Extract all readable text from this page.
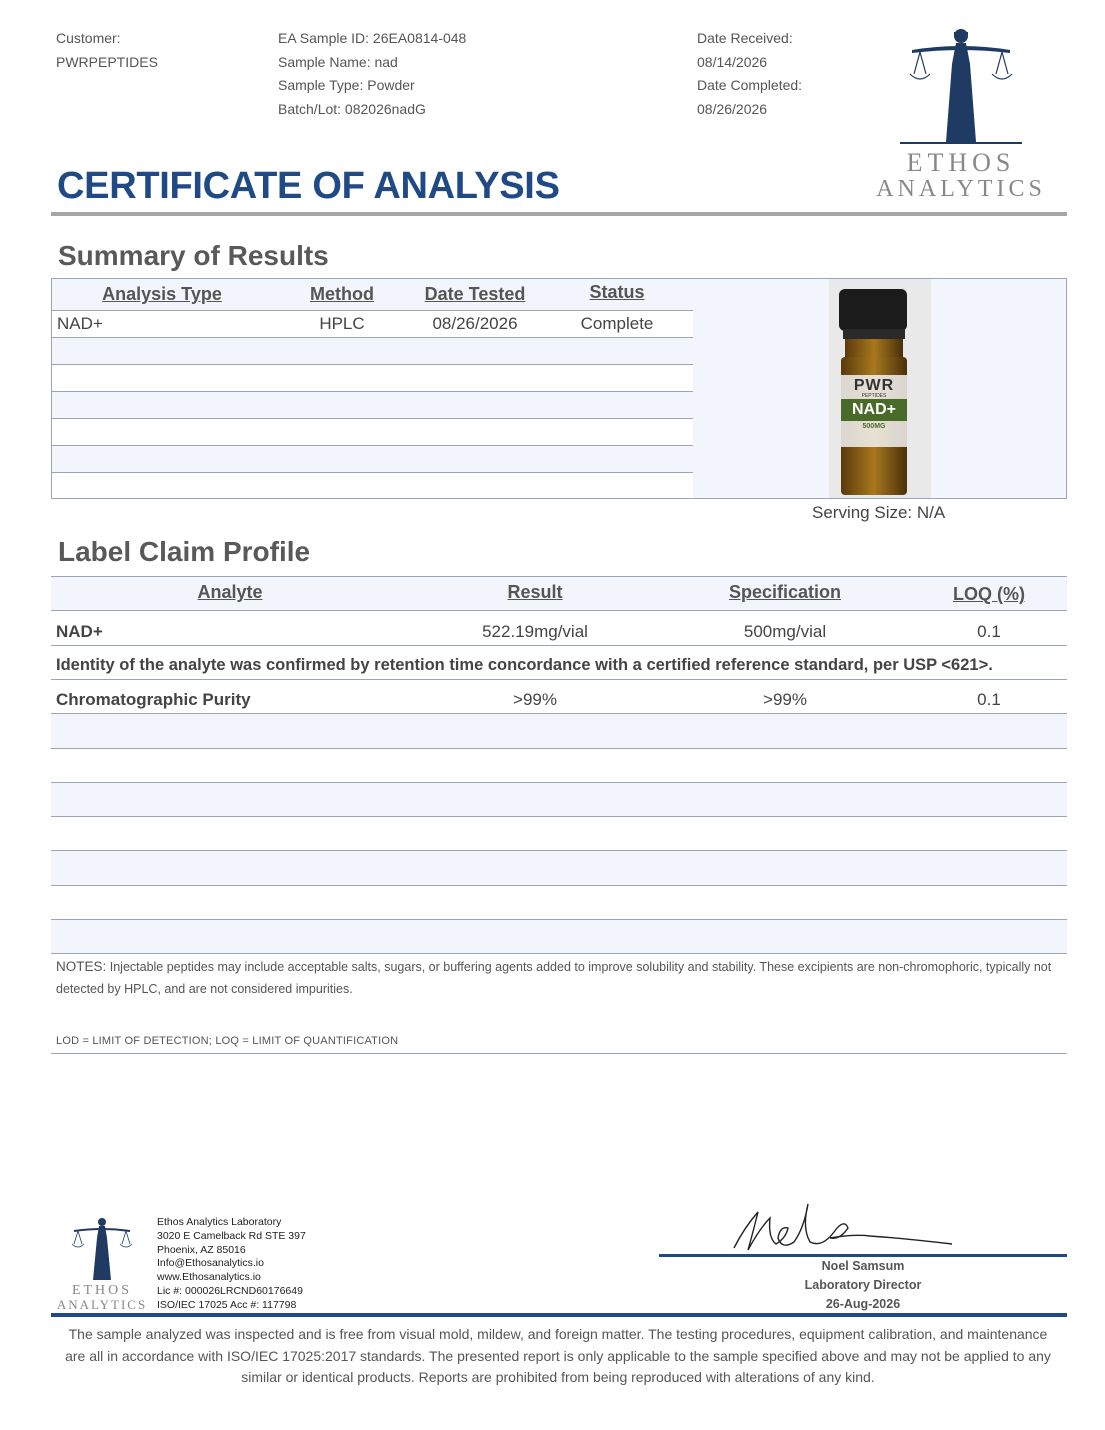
Customer:
PWRPEPTIDES
EA Sample ID: 26EA0814-048
Sample Name: nad
Sample Type: Powder
Batch/Lot: 082026nadG
Date Received:
08/14/2026
Date Completed:
08/26/2026
ETHOS
ANALYTICS
CERTIFICATE OF ANALYSIS
Summary of Results
Analysis Type	Method	Date Tested	Status
NAD+	HPLC	08/26/2026	Complete
PWR
PEPTIDES
NAD+
500MG
Serving Size: N/A
Label Claim Profile
Analyte	Result	Specification	LOQ (%)
NAD+	522.19mg/vial	500mg/vial	0.1
Identity of the analyte was confirmed by retention time concordance with a certified reference standard, per USP <621>.
Chromatographic Purity	>99%	>99%	0.1
NOTES: Injectable peptides may include acceptable salts, sugars, or buffering agents added to improve solubility and stability. These excipients are non-chromophoric, typically not detected by HPLC, and are not considered impurities.
LOD = LIMIT OF DETECTION; LOQ = LIMIT OF QUANTIFICATION
ETHOS
ANALYTICS
Ethos Analytics Laboratory
3020 E Camelback Rd STE 397
Phoenix, AZ 85016
Info@Ethosanalytics.io
www.Ethosanalytics.io
Lic #: 000026LRCND60176649
ISO/IEC 17025 Acc #: 117798
Noel Samsum
Laboratory Director
26-Aug-2026
The sample analyzed was inspected and is free from visual mold, mildew, and foreign matter. The testing procedures, equipment calibration, and maintenance are all in accordance with ISO/IEC 17025:2017 standards. The presented report is only applicable to the sample specified above and may not be applied to any similar or identical products. Reports are prohibited from being reproduced with alterations of any kind.
